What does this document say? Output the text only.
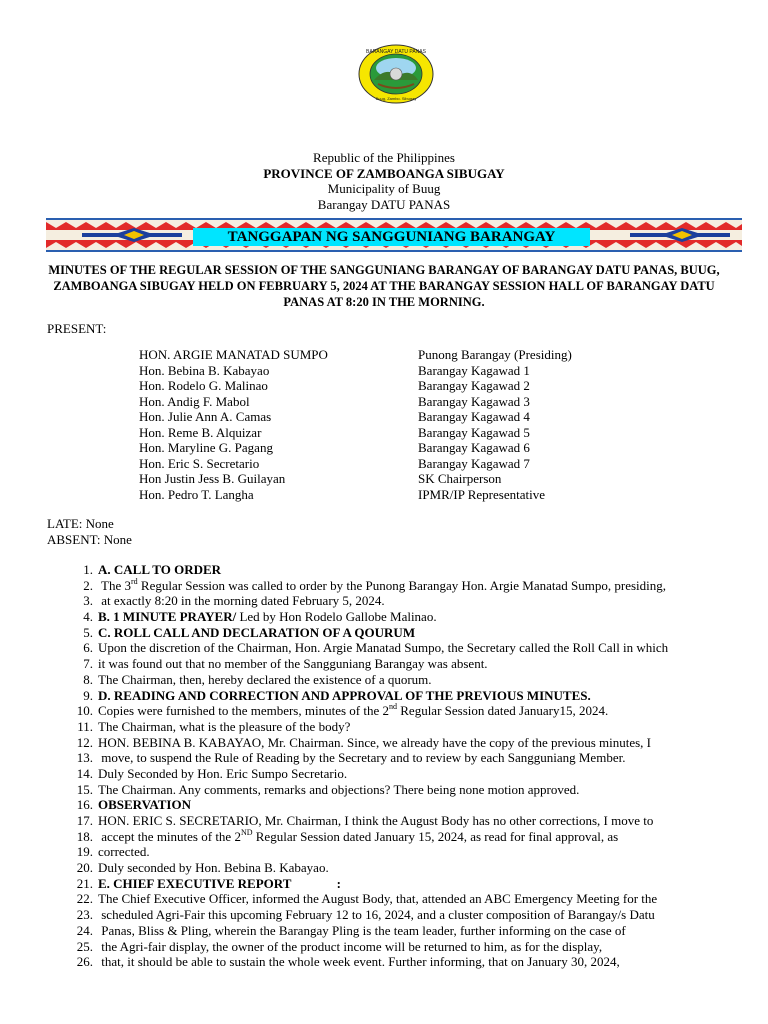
BARANGAY DATU PANAS
Buug, Zambo. Sibugay
Republic of the Philippines
PROVINCE OF ZAMBOANGA SIBUGAY
Municipality of Buug
Barangay DATU PANAS
TANGGAPAN NG SANGGUNIANG BARANGAY
MINUTES OF THE REGULAR SESSION OF THE SANGGUNIANG BARANGAY OF BARANGAY DATU PANAS, BUUG, ZAMBOANGA SIBUGAY HELD ON FEBRUARY 5, 2024 AT THE BARANGAY SESSION HALL OF BARANGAY DATU PANAS AT 8:20 IN THE MORNING.
PRESENT:
HON. ARGIE MANATAD SUMPO	Punong Barangay (Presiding)
Hon. Bebina B. Kabayao	Barangay Kagawad 1
Hon. Rodelo G. Malinao	Barangay Kagawad 2
Hon. Andig F. Mabol	Barangay Kagawad 3
Hon. Julie Ann A. Camas	Barangay Kagawad 4
Hon. Reme B. Alquizar	Barangay Kagawad 5
Hon. Maryline G. Pagang	Barangay Kagawad 6
Hon. Eric S. Secretario	Barangay Kagawad 7
Hon Justin Jess B. Guilayan	SK Chairperson
Hon. Pedro T. Langha	IPMR/IP Representative
LATE: None
ABSENT: None
1. A. CALL TO ORDER
2. The 3rd Regular Session was called to order by the Punong Barangay Hon. Argie Manatad Sumpo, presiding,
3. at exactly 8:20 in the morning dated February 5, 2024.
4. B. 1 MINUTE PRAYER/ Led by Hon Rodelo Gallobe Malinao.
5. C. ROLL CALL AND DECLARATION OF A QOURUM
6. Upon the discretion of the Chairman, Hon. Argie Manatad Sumpo, the Secretary called the Roll Call in which
7. it was found out that no member of the Sangguniang Barangay was absent.
8. The Chairman, then, hereby declared the existence of a quorum.
9. D. READING AND CORRECTION AND APPROVAL OF THE PREVIOUS MINUTES.
10. Copies were furnished to the members, minutes of the 2nd Regular Session dated January15, 2024.
11. The Chairman, what is the pleasure of the body?
12. HON. BEBINA B. KABAYAO, Mr. Chairman. Since, we already have the copy of the previous minutes, I
13. move, to suspend the Rule of Reading by the Secretary and to review by each Sangguniang Member.
14. Duly Seconded by Hon. Eric Sumpo Secretario.
15. The Chairman. Any comments, remarks and objections? There being none motion approved.
16. OBSERVATION
17. HON. ERIC S. SECRETARIO, Mr. Chairman, I think the August Body has no other corrections, I move to
18. accept the minutes of the 2ND Regular Session dated January 15, 2024, as read for final approval, as
19. corrected.
20. Duly seconded by Hon. Bebina B. Kabayao.
21. E. CHIEF EXECUTIVE REPORT              :
22. The Chief Executive Officer, informed the August Body, that, attended an ABC Emergency Meeting for the
23. scheduled Agri-Fair this upcoming February 12 to 16, 2024, and a cluster composition of Barangay/s Datu
24. Panas, Bliss & Pling, wherein the Barangay Pling is the team leader, further informing on the case of
25. the Agri-fair display, the owner of the product income will be returned to him, as for the display,
26. that, it should be able to sustain the whole week event. Further informing, that on January 30, 2024,
